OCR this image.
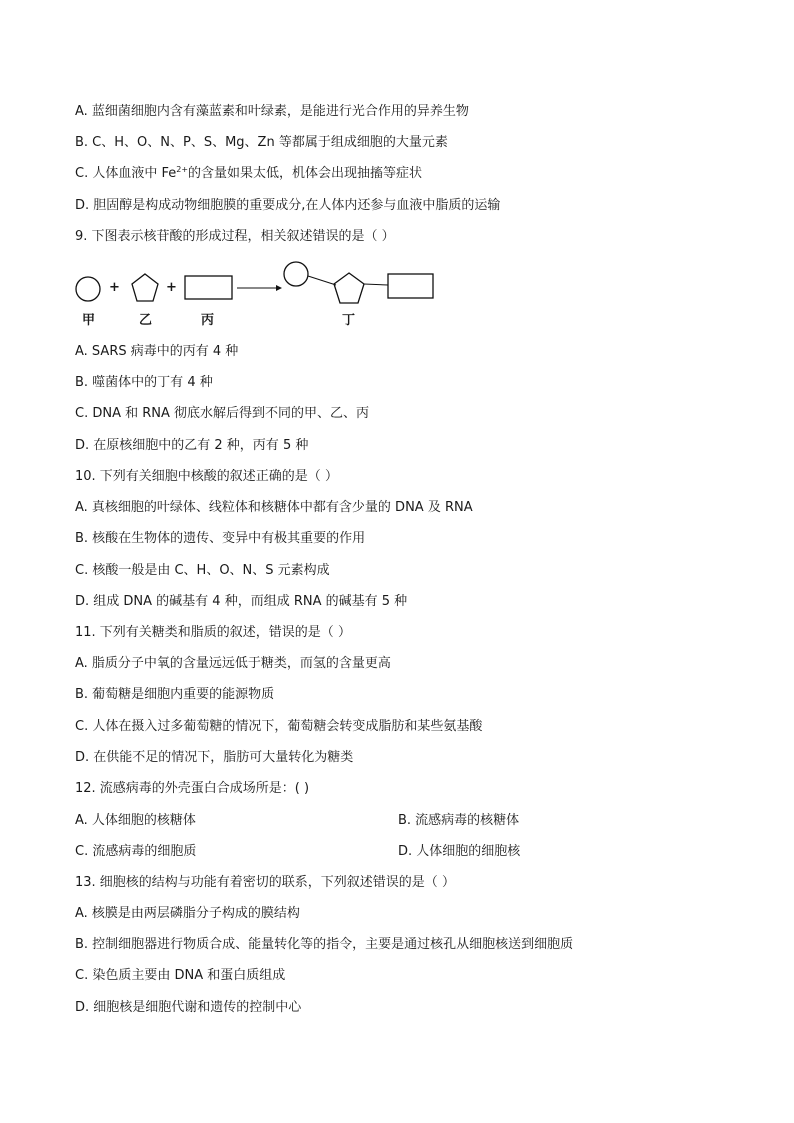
A. 蓝细菌细胞内含有藻蓝素和叶绿素，是能进行光合作用的异养生物
B. C、H、O、N、P、S、Mg、Zn 等都属于组成细胞的大量元素
C. 人体血液中 $Fe^{2+}$的含量如果太低，机体会出现抽搐等症状
D. 胆固醇是构成动物细胞膜的重要成分,在人体内还参与血液中脂质的运输
9. 下图表示核苷酸的形成过程，相关叙述错误的是（ ）
+	+
甲	乙	丙	丁
A. SARS 病毒中的丙有 4 种
B. 噬菌体中的丁有 4 种
C. DNA 和 RNA 彻底水解后得到不同的甲、乙、丙
D. 在原核细胞中的乙有 2 种，丙有 5 种
10. 下列有关细胞中核酸的叙述正确的是（ ）
A. 真核细胞的叶绿体、线粒体和核糖体中都有含少量的 DNA 及 RNA
B. 核酸在生物体的遗传、变异中有极其重要的作用
C. 核酸一般是由 C、H、O、N、S 元素构成
D. 组成 DNA 的碱基有 4 种，而组成 RNA 的碱基有 5 种
11. 下列有关糖类和脂质的叙述，错误的是（ ）
A. 脂质分子中氧的含量远远低于糖类，而氢的含量更高
B. 葡萄糖是细胞内重要的能源物质
C. 人体在摄入过多葡萄糖的情况下，葡萄糖会转变成脂肪和某些氨基酸
D. 在供能不足的情况下，脂肪可大量转化为糖类
12. 流感病毒的外壳蛋白合成场所是：( )
A. 人体细胞的核糖体	B. 流感病毒的核糖体
C. 流感病毒的细胞质	D. 人体细胞的细胞核
13. 细胞核的结构与功能有着密切的联系，下列叙述错误的是（ ）
A. 核膜是由两层磷脂分子构成的膜结构
B. 控制细胞器进行物质合成、能量转化等的指令，主要是通过核孔从细胞核送到细胞质
C. 染色质主要由 DNA 和蛋白质组成
D. 细胞核是细胞代谢和遗传的控制中心
